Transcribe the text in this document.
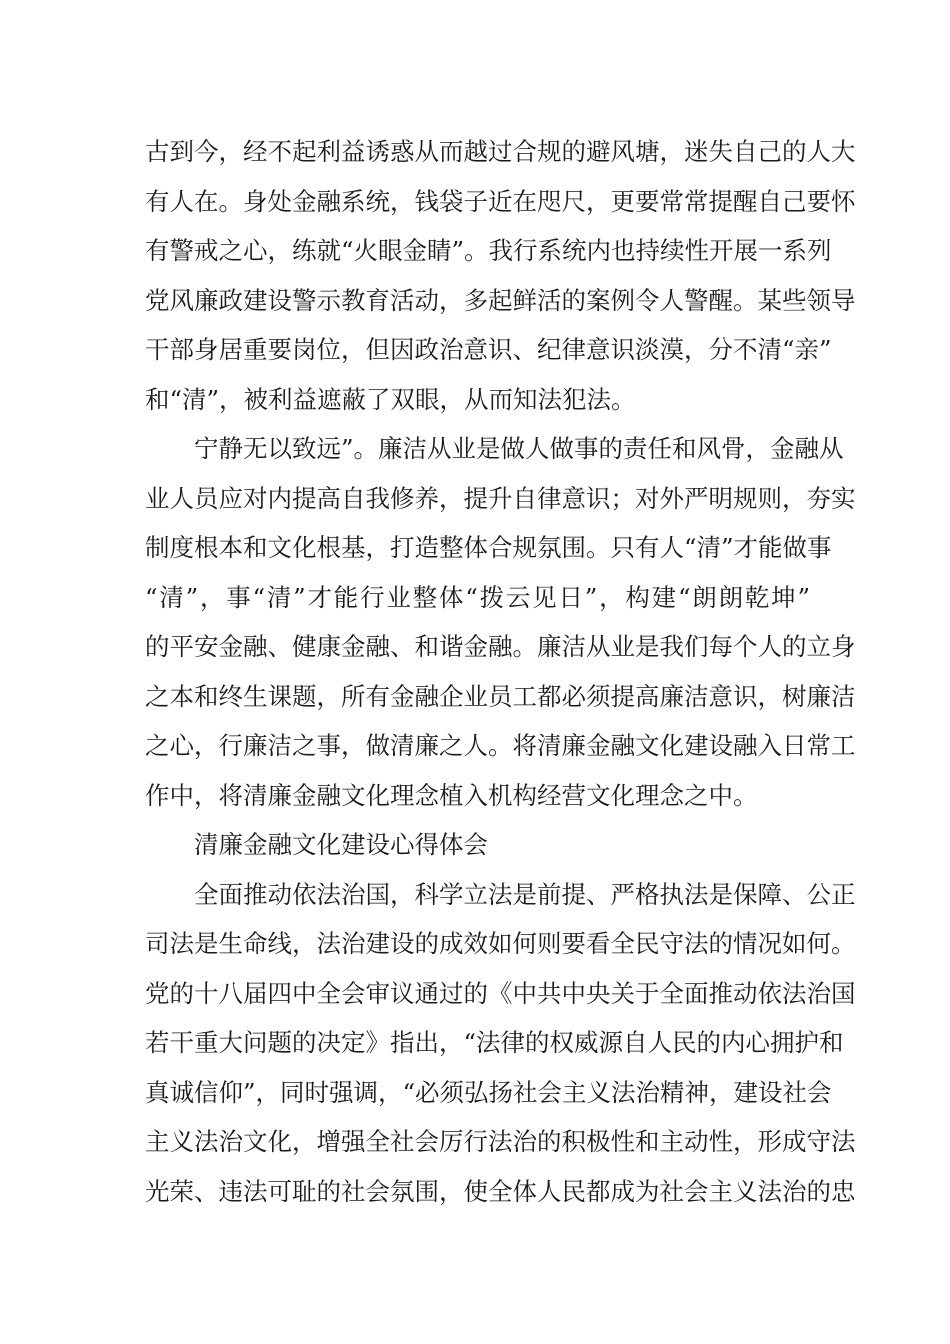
古到今，经不起利益诱惑从而越过合规的避风塘，迷失自己的人大
有人在。身处金融系统，钱袋子近在咫尺，更要常常提醒自己要怀
有警戒之心，练就“火眼金睛”。我行系统内也持续性开展一系列
党风廉政建设警示教育活动，多起鲜活的案例令人警醒。某些领导
干部身居重要岗位，但因政治意识、纪律意识淡漠，分不清“亲”
和“清”，被利益遮蔽了双眼，从而知法犯法。
宁静无以致远”。廉洁从业是做人做事的责任和风骨，金融从
业人员应对内提高自我修养，提升自律意识；对外严明规则，夯实
制度根本和文化根基，打造整体合规氛围。只有人“清”才能做事
“清”，事“清”才能行业整体“拨云见日”，构建“朗朗乾坤”
的平安金融、健康金融、和谐金融。廉洁从业是我们每个人的立身
之本和终生课题，所有金融企业员工都必须提高廉洁意识，树廉洁
之心，行廉洁之事，做清廉之人。将清廉金融文化建设融入日常工
作中，将清廉金融文化理念植入机构经营文化理念之中。
清廉金融文化建设心得体会
全面推动依法治国，科学立法是前提、严格执法是保障、公正
司法是生命线，法治建设的成效如何则要看全民守法的情况如何。
党的十八届四中全会审议通过的《中共中央关于全面推动依法治国
若干重大问题的决定》指出，“法律的权威源自人民的内心拥护和
真诚信仰”，同时强调，“必须弘扬社会主义法治精神，建设社会
主义法治文化，增强全社会厉行法治的积极性和主动性，形成守法
光荣、违法可耻的社会氛围，使全体人民都成为社会主义法治的忠
